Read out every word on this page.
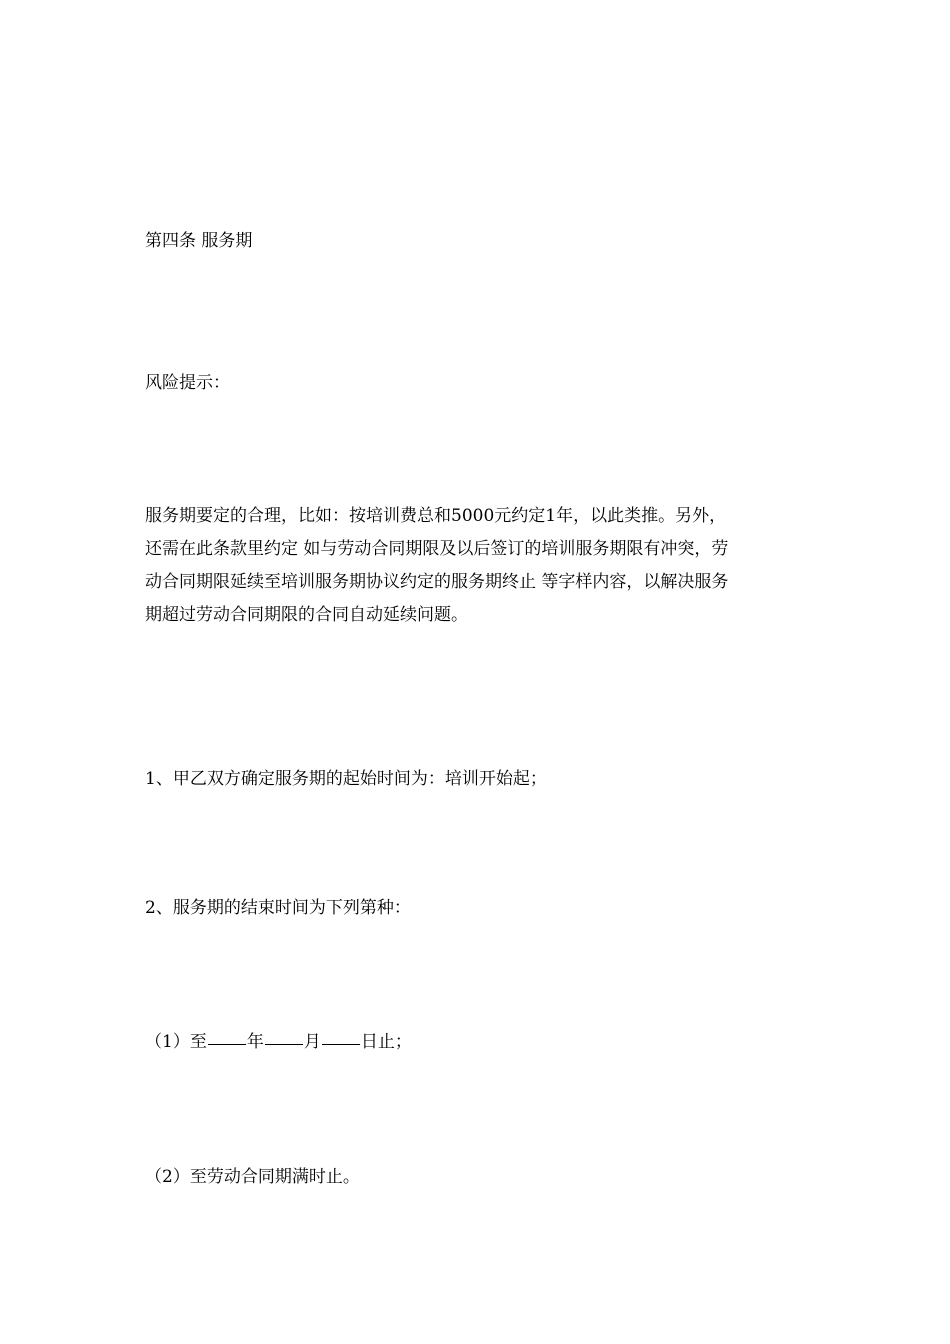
第四条 服务期

风险提示：

服务期要定的合理，比如：按培训费总和5000元约定1年，以此类推。另外，
还需在此条款里约定 如与劳动合同期限及以后签订的培训服务期限有冲突，劳
动合同期限延续至培训服务期协议约定的服务期终止 等字样内容，以解决服务
期超过劳动合同期限的合同自动延续问题。

1、甲乙双方确定服务期的起始时间为：培训开始起；

2、服务期的结束时间为下列第种：

（1）至 年 月 日止；

（2）至劳动合同期满时止。
